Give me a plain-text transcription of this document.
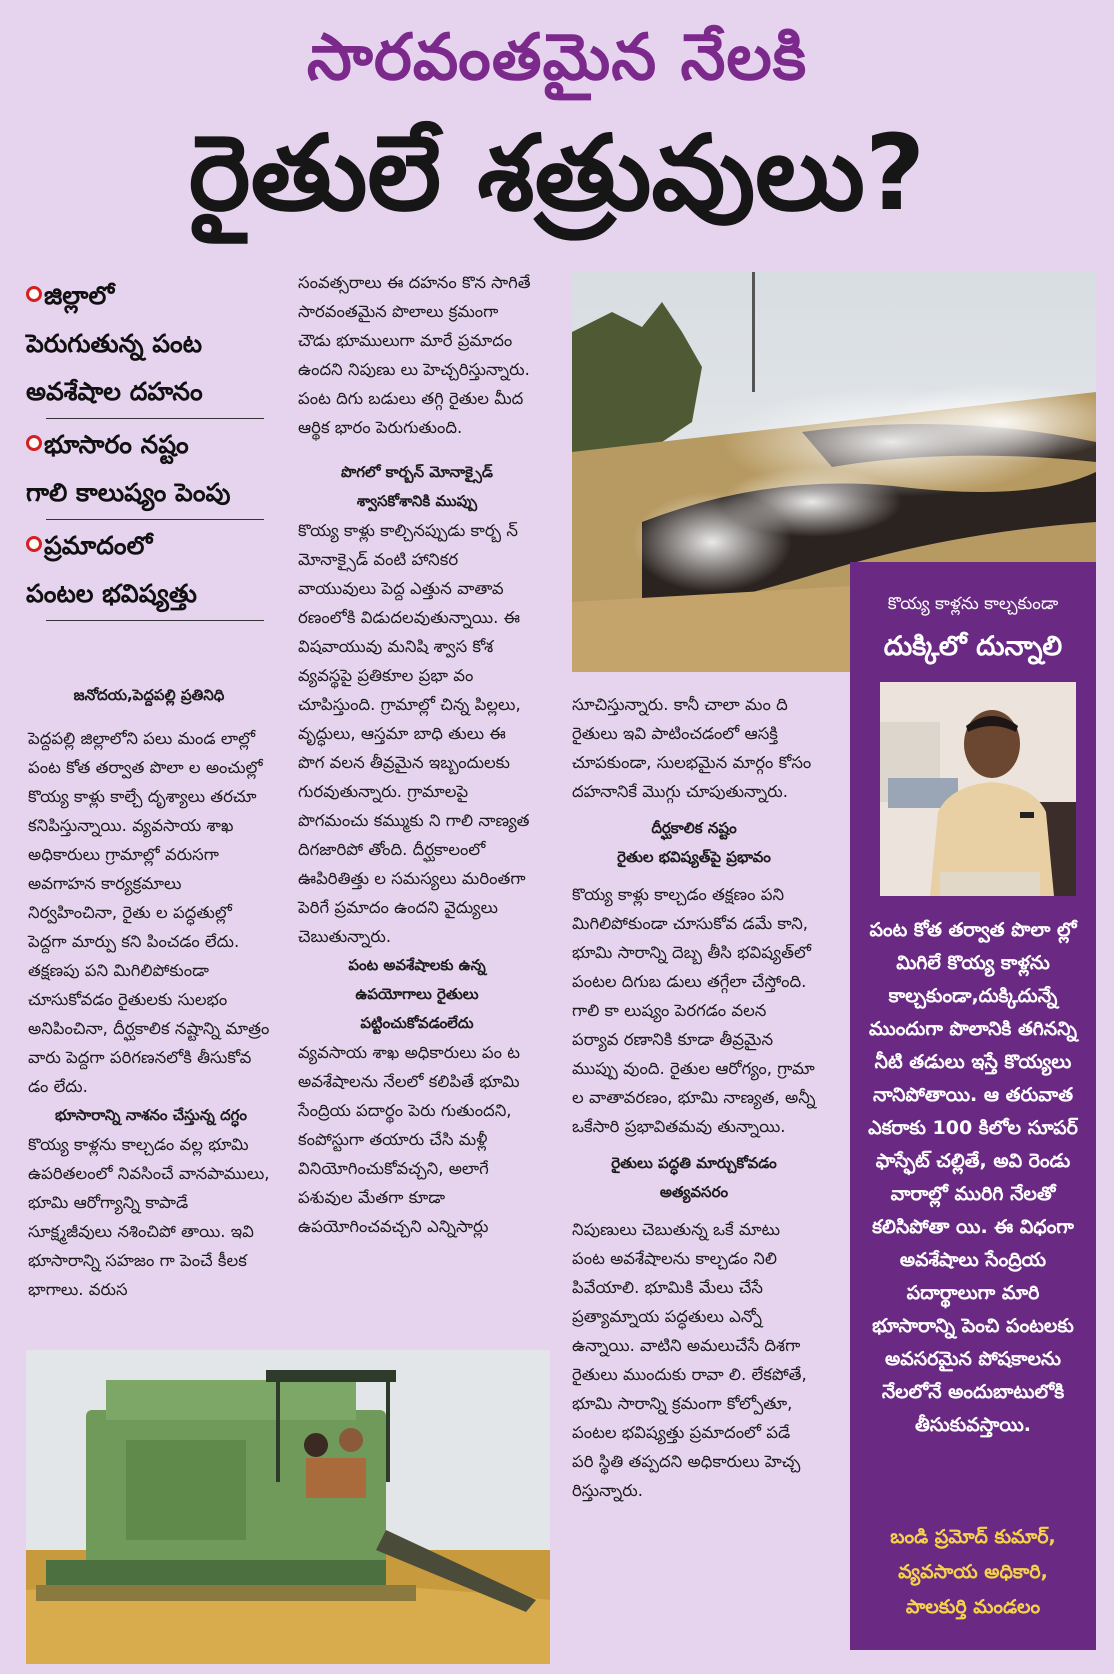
సారవంతమైన నేలకి
రైతులే శత్రువులు?
జిల్లాలో
పెరుగుతున్న పంట
అవశేషాల దహనం
భూసారం నష్టం
గాలి కాలుష్యం పెంపు
ప్రమాదంలో
పంటల భవిష్యత్తు
జనోదయ,పెద్దపల్లి ప్రతినిధి

పెద్దపల్లి జిల్లాలోని పలు మండ లాల్లో పంట కోత తర్వాత పొలా ల అంచుల్లో కొయ్య కాళ్లు కాల్చే దృశ్యాలు తరచూ కనిపిస్తున్నాయి. వ్యవసాయ శాఖ అధికారులు గ్రామాల్లో వరుసగా అవగాహన కార్యక్రమాలు నిర్వహించినా, రైతు ల పద్ధతుల్లో పెద్దగా మార్పు కని పించడం లేదు. తక్షణపు పని మిగిలిపోకుండా చూసుకోవడం రైతులకు సులభం అనిపించినా, దీర్ఘకాలిక నష్టాన్ని మాత్రం వారు పెద్దగా పరిగణనలోకి తీసుకోవ డం లేదు.

భూసారాన్ని నాశనం చేస్తున్న దగ్ధం

కొయ్య కాళ్లను కాల్చడం వల్ల భూమి ఉపరితలంలో నివసించే వానపాములు, భూమి ఆరోగ్యాన్ని కాపాడే సూక్ష్మజీవులు నశించిపో తాయి. ఇవి భూసారాన్ని సహజం గా పెంచే కీలక భాగాలు. వరుస

సంవత్సరాలు ఈ దహనం కొన సాగితే సారవంతమైన పొలాలు క్రమంగా చౌడు భూములుగా మారే ప్రమాదం ఉందని నిపుణు లు హెచ్చరిస్తున్నారు. పంట దిగు బడులు తగ్గి రైతుల మీద ఆర్థిక భారం పెరుగుతుంది.

పొగలో కార్బన్ మోనాక్సైడ్
శ్వాసకోశానికి ముప్పు

కొయ్య కాళ్లు కాల్చినప్పుడు కార్బ న్ మోనాక్సైడ్ వంటి హానికర వాయువులు పెద్ద ఎత్తున వాతావ రణంలోకి విడుదలవుతున్నాయి. ఈ విషవాయువు మనిషి శ్వాస కోశ వ్యవస్థపై ప్రతికూల ప్రభా వం చూపిస్తుంది. గ్రామాల్లో చిన్న పిల్లలు, వృద్ధులు, ఆస్తమా బాధి తులు ఈ పొగ వలన తీవ్రమైన ఇబ్బందులకు గురవుతున్నారు. గ్రామాలపై పొగమంచు కమ్ముకు ని గాలి నాణ్యత దిగజారిపో తోంది. దీర్ఘకాలంలో ఊపిరితిత్తు ల సమస్యలు మరింతగా పెరిగే ప్రమాదం ఉందని వైద్యులు చెబుతున్నారు.

పంట అవశేషాలకు ఉన్న
ఉపయోగాలు రైతులు
పట్టించుకోవడంలేదు

వ్యవసాయ శాఖ అధికారులు పం ట అవశేషాలను నేలలో కలిపితే భూమి సేంద్రియ పదార్థం పెరు గుతుందని, కంపోస్టుగా తయారు చేసి మళ్లీ వినియోగించుకోవచ్చని, అలాగే పశువుల మేతగా కూడా ఉపయోగించవచ్చని ఎన్నిసార్లు

సూచిస్తున్నారు. కానీ చాలా మం ది రైతులు ఇవి పాటించడంలో ఆసక్తి చూపకుండా, సులభమైన మార్గం కోసం దహనానికే మొగ్గు చూపుతున్నారు.

దీర్ఘకాలిక నష్టం
రైతుల భవిష్యత్‌పై ప్రభావం

కొయ్య కాళ్లు కాల్చడం తక్షణం పని మిగిలిపోకుండా చూసుకోవ డమే కాని, భూమి సారాన్ని దెబ్బ తీసి భవిష్యత్‌లో పంటల దిగుబ డులు తగ్గేలా చేస్తోంది. గాలి కా లుష్యం పెరగడం వలన పర్యావ రణానికి కూడా తీవ్రమైన ముప్పు వుంది. రైతుల ఆరోగ్యం, గ్రామా ల వాతావరణం, భూమి నాణ్యత, అన్నీ ఒకేసారి ప్రభావితమవు తున్నాయి.

రైతులు పద్ధతి మార్చుకోవడం
అత్యవసరం

నిపుణులు చెబుతున్న ఒకే మాటు పంట అవశేషాలను కాల్చడం నిలి పివేయాలి. భూమికి మేలు చేసే ప్రత్యామ్నాయ పద్ధతులు ఎన్నో ఉన్నాయి. వాటిని అమలుచేసే దిశగా రైతులు ముందుకు రావా లి. లేకపోతే, భూమి సారాన్ని క్రమంగా కోల్పోతూ, పంటల భవిష్యత్తు ప్రమాదంలో పడే పరి స్థితి తప్పదని అధికారులు హెచ్చ రిస్తున్నారు.

కొయ్య కాళ్లను కాల్చకుండా
దుక్కిలో దున్నాలి
పంట కోత తర్వాత పొలా ల్లో మిగిలే కొయ్య కాళ్లను కాల్చకుండా,దుక్కిదున్నే ముందుగా పొలానికి తగినన్ని నీటి తడులు ఇస్తే కొయ్యలు నానిపోతాయి. ఆ తరువాత ఎకరాకు 100 కిలోల సూపర్ ఫాస్ఫేట్ చల్లితే, అవి రెండు వారాల్లో మురిగి నేలతో కలిసిపోతా యి. ఈ విధంగా అవశేషాలు సేంద్రియ పదార్థాలుగా మారి భూసారాన్ని పెంచి పంటలకు అవసరమైన పోషకాలను నేలలోనే అందుబాటులోకి తీసుకువస్తాయి.
బండి ప్రమోద్ కుమార్,
వ్యవసాయ అధికారి,
పాలకుర్తి మండలం
